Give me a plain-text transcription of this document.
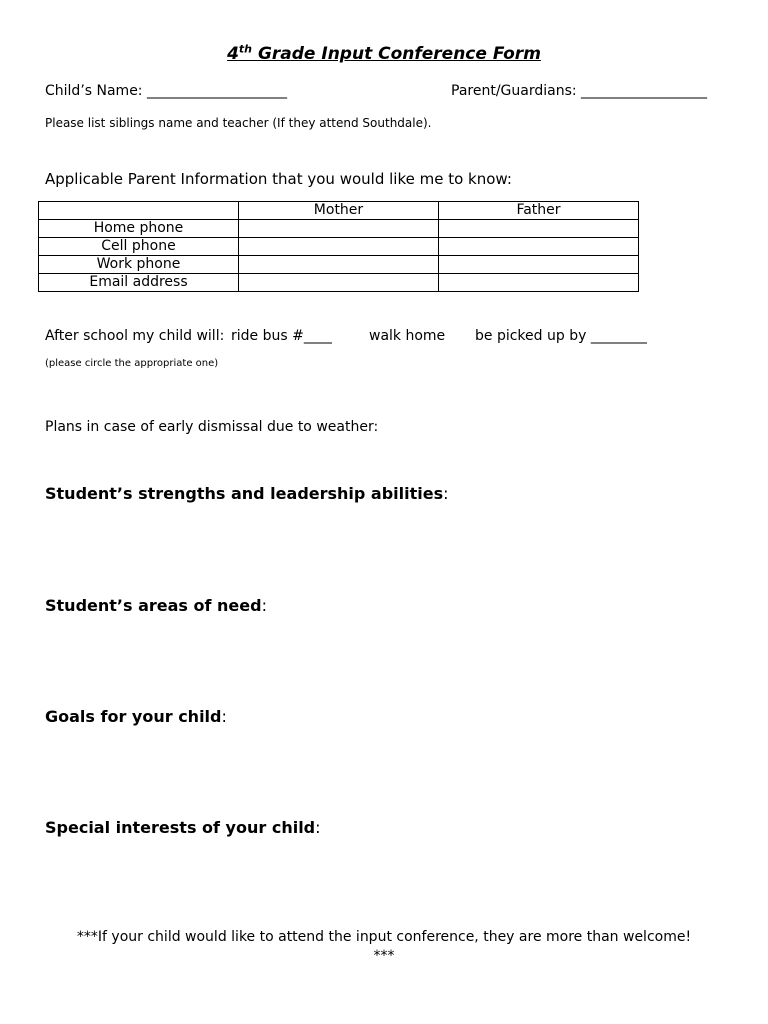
4th Grade Input Conference Form
Child’s Name: ____________________	Parent/Guardians: __________________
Please list siblings name and teacher (If they attend Southdale).
Applicable Parent Information that you would like me to know:
	Mother	Father
Home phone		
Cell phone		
Work phone		
Email address		
After school my child will: ride bus #____	walk home be picked up by ________
(please circle the appropriate one)
Plans in case of early dismissal due to weather:
Student’s strengths and leadership abilities:
Student’s areas of need:
Goals for your child:
Special interests of your child:
***If your child would like to attend the input conference, they are more than welcome!
***
